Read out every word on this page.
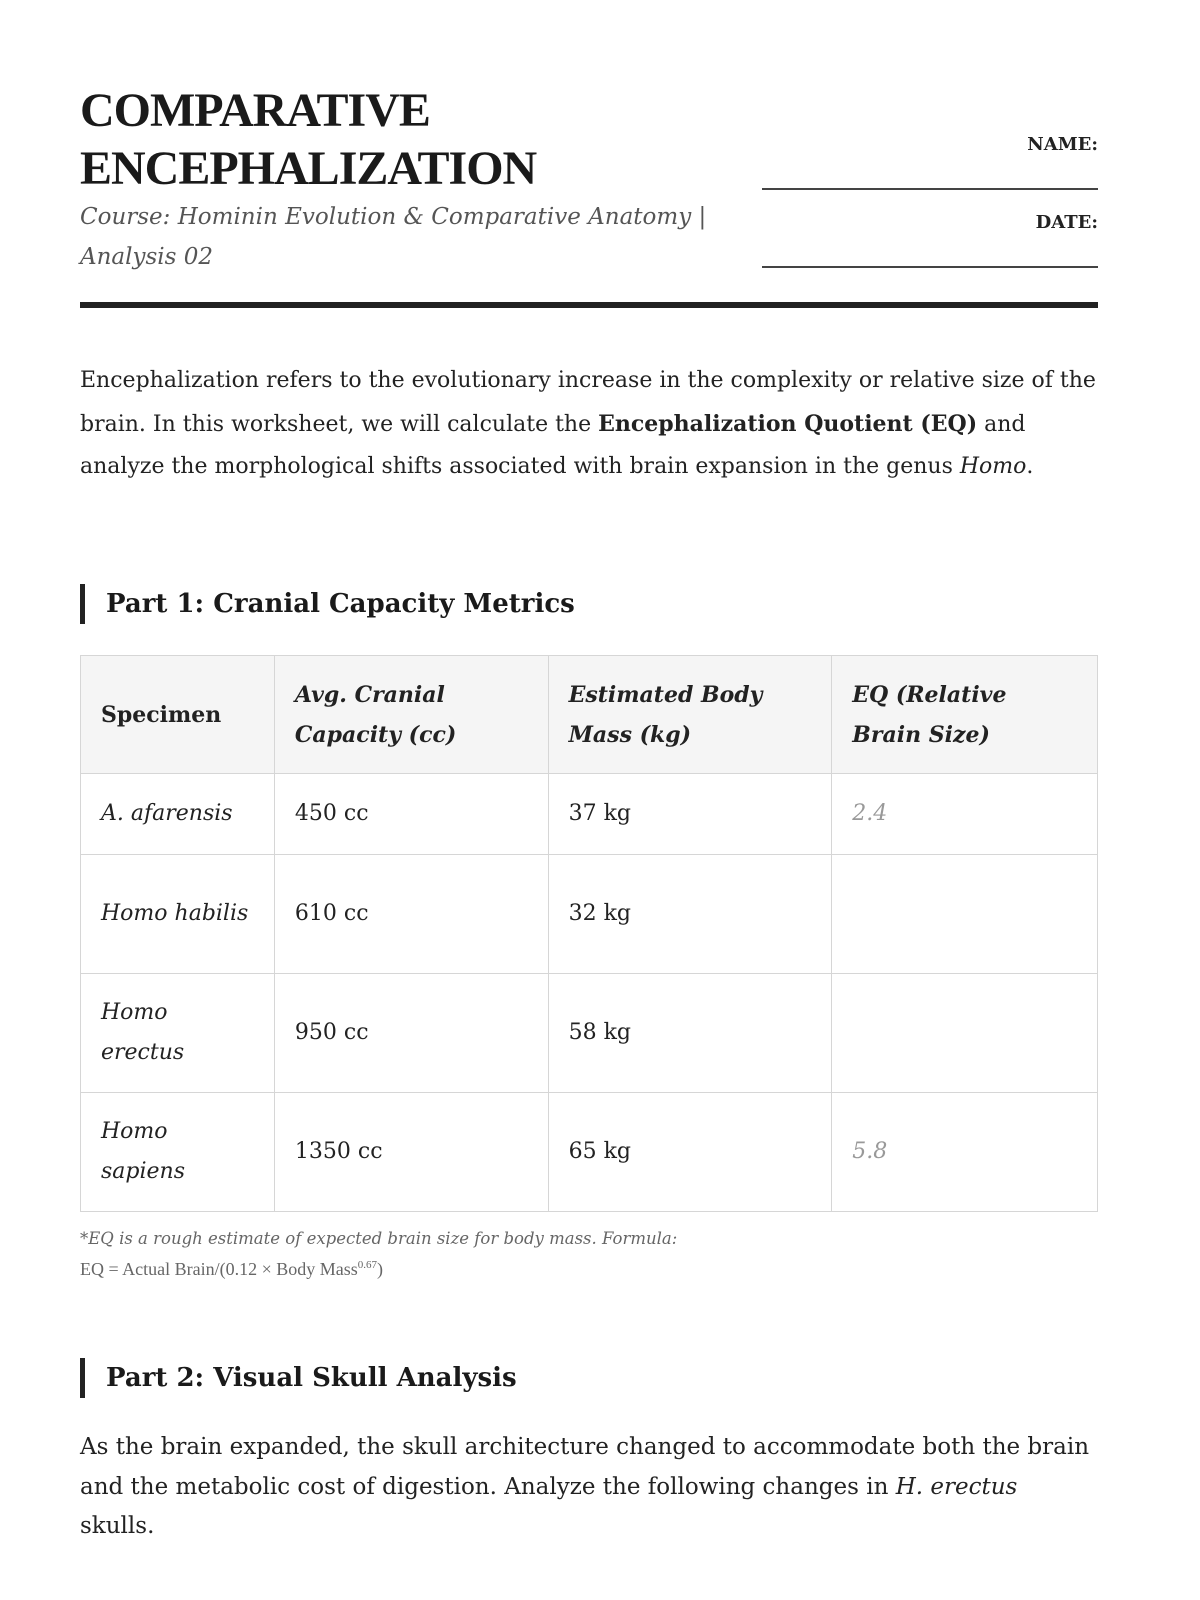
COMPARATIVE
ENCEPHALIZATION
Course: Hominin Evolution & Comparative Anatomy | Analysis 02
NAME:
DATE:

Encephalization refers to the evolutionary increase in the complexity or relative size of the brain. In this worksheet, we will calculate the Encephalization Quotient (EQ) and analyze the morphological shifts associated with brain expansion in the genus Homo.

Part 1: Cranial Capacity Metrics
Specimen	Avg. Cranial Capacity (cc)	Estimated Body Mass (kg)	EQ (Relative Brain Size)
A. afarensis	450 cc	37 kg	2.4
Homo habilis	610 cc	32 kg	
Homo erectus	950 cc	58 kg	
Homo sapiens	1350 cc	65 kg	5.8
*EQ is a rough estimate of expected brain size for body mass. Formula:
EQ = Actual Brain/(0.12 × Body Mass$^{0.67}$)
Part 2: Visual Skull Analysis

As the brain expanded, the skull architecture changed to accommodate both the brain and the metabolic cost of digestion. Analyze the following changes in H. erectus skulls.
